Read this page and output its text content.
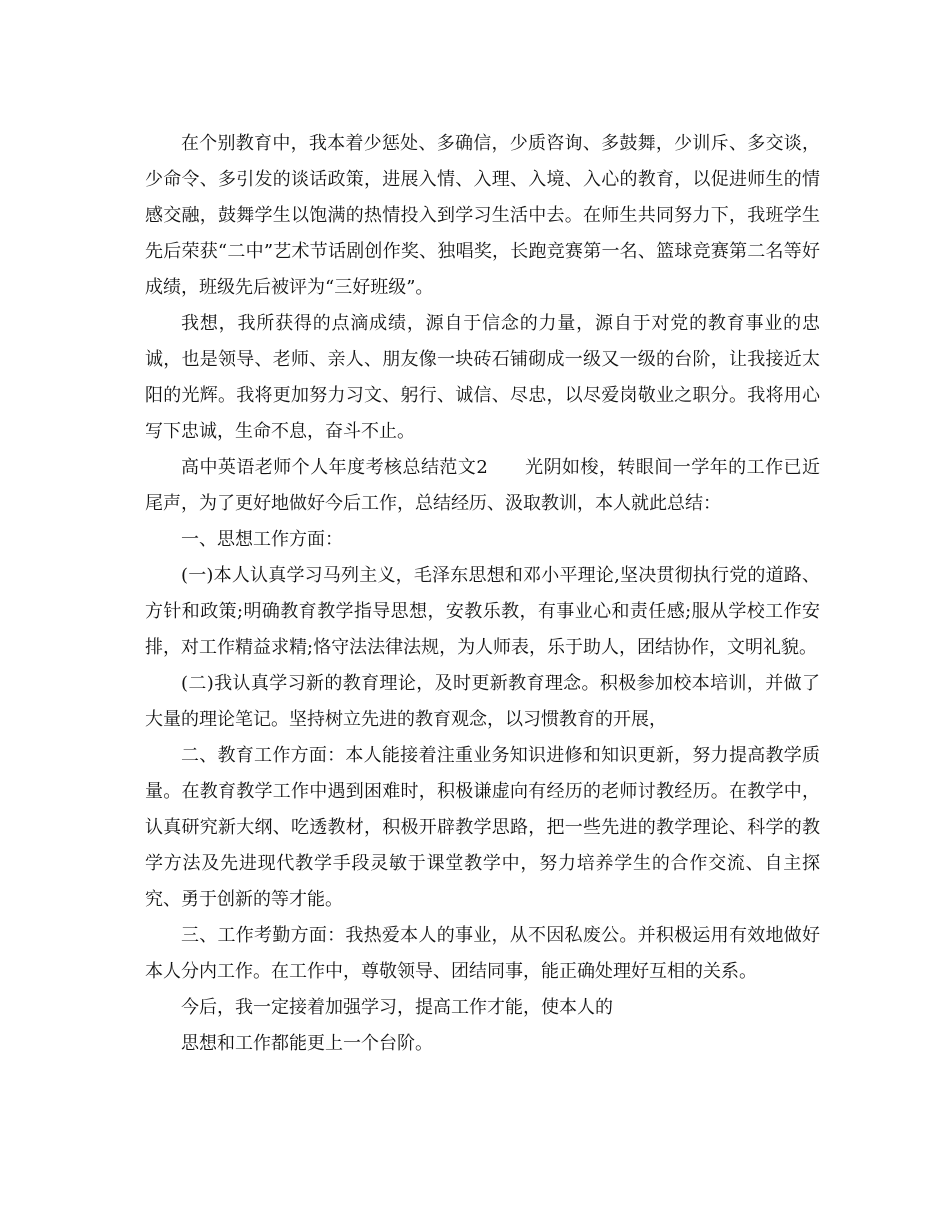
在个别教育中，我本着少惩处、多确信，少质咨询、多鼓舞，少训斥、多交谈，少命令、多引发的谈话政策，进展入情、入理、入境、入心的教育，以促进师生的情感交融，鼓舞学生以饱满的热情投入到学习生活中去。在师生共同努力下，我班学生先后荣获“二中”艺术节话剧创作奖、独唱奖，长跑竞赛第一名、篮球竞赛第二名等好成绩，班级先后被评为“三好班级”。

我想，我所获得的点滴成绩，源自于信念的力量，源自于对党的教育事业的忠诚，也是领导、老师、亲人、朋友像一块砖石铺砌成一级又一级的台阶，让我接近太阳的光辉。我将更加努力习文、躬行、诚信、尽忠，以尽爱岗敬业之职分。我将用心写下忠诚，生命不息，奋斗不止。

高中英语老师个人年度考核总结范文2　　光阴如梭，转眼间一学年的工作已近尾声，为了更好地做好今后工作，总结经历、汲取教训，本人就此总结：

一、思想工作方面：

(一)本人认真学习马列主义，毛泽东思想和邓小平理论,坚决贯彻执行党的道路、方针和政策;明确教育教学指导思想，安教乐教，有事业心和责任感;服从学校工作安排，对工作精益求精;恪守法法律法规，为人师表，乐于助人，团结协作，文明礼貌。

(二)我认真学习新的教育理论，及时更新教育理念。积极参加校本培训，并做了大量的理论笔记。坚持树立先进的教育观念，以习惯教育的开展，

二、教育工作方面：本人能接着注重业务知识进修和知识更新，努力提高教学质量。在教育教学工作中遇到困难时，积极谦虚向有经历的老师讨教经历。在教学中，认真研究新大纲、吃透教材，积极开辟教学思路，把一些先进的教学理论、科学的教学方法及先进现代教学手段灵敏于课堂教学中，努力培养学生的合作交流、自主探究、勇于创新的等才能。

三、工作考勤方面：我热爱本人的事业，从不因私废公。并积极运用有效地做好本人分内工作。在工作中，尊敬领导、团结同事，能正确处理好互相的关系。

今后，我一定接着加强学习，提高工作才能，使本人的

思想和工作都能更上一个台阶。
